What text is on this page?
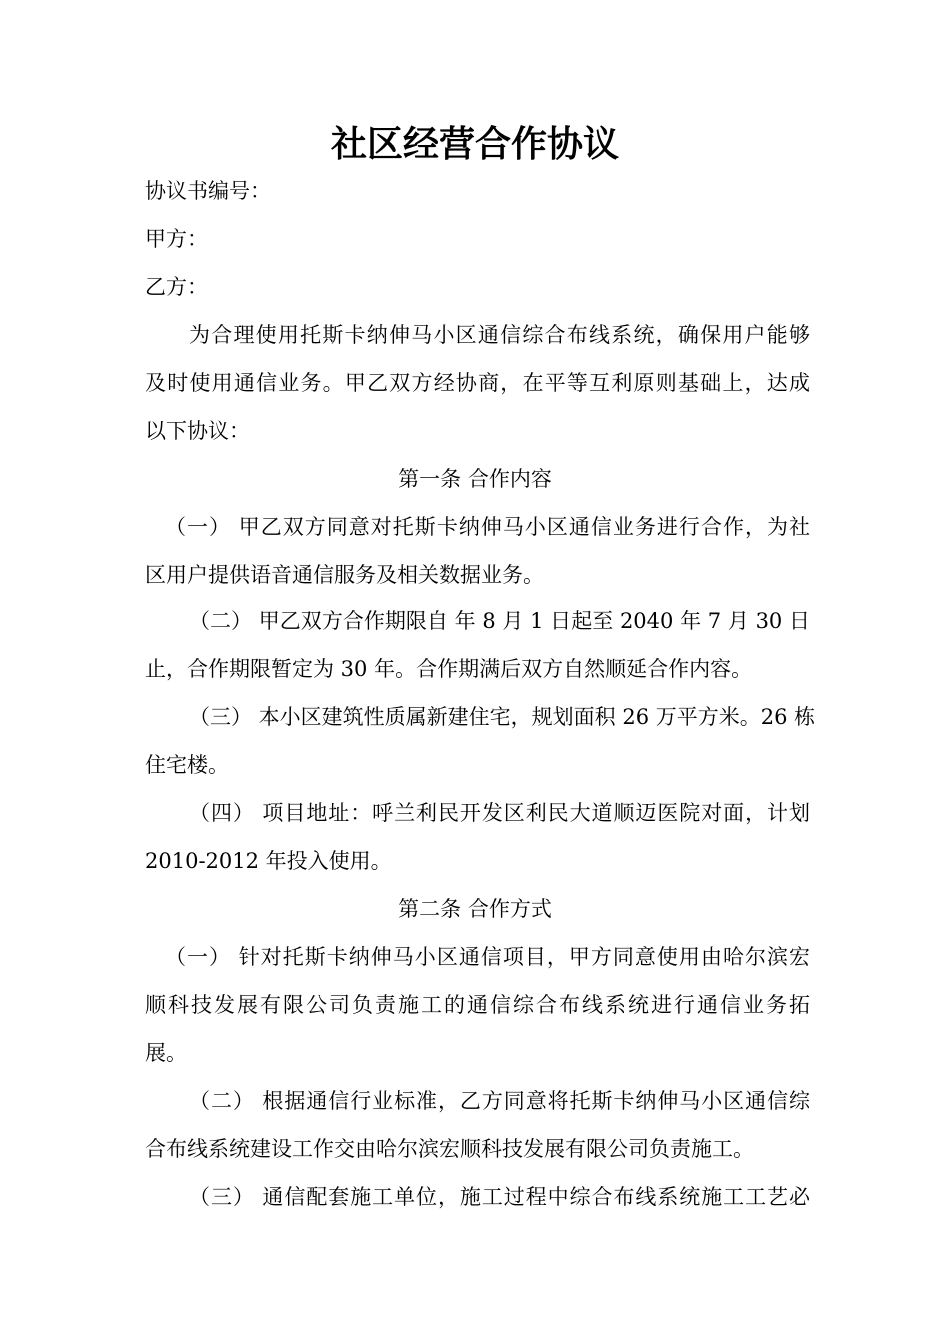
社区经营合作协议
协议书编号：
甲方：
乙方：
为合理使用托斯卡纳伸马小区通信综合布线系统，确保用户能够
及时使用通信业务。甲乙双方经协商，在平等互利原则基础上，达成
以下协议：
第一条 合作内容
（一） 甲乙双方同意对托斯卡纳伸马小区通信业务进行合作，为社
区用户提供语音通信服务及相关数据业务。
（二） 甲乙双方合作期限自 年 8 月 1 日起至 2040 年 7 月 30 日
止，合作期限暂定为 30 年。合作期满后双方自然顺延合作内容。
（三） 本小区建筑性质属新建住宅，规划面积 26 万平方米。26 栋
住宅楼。
（四） 项目地址：呼兰利民开发区利民大道顺迈医院对面，计划
2010-2012 年投入使用。
第二条 合作方式
（一） 针对托斯卡纳伸马小区通信项目，甲方同意使用由哈尔滨宏
顺科技发展有限公司负责施工的通信综合布线系统进行通信业务拓
展。
（二） 根据通信行业标准，乙方同意将托斯卡纳伸马小区通信综
合布线系统建设工作交由哈尔滨宏顺科技发展有限公司负责施工。
（三） 通信配套施工单位，施工过程中综合布线系统施工工艺必
